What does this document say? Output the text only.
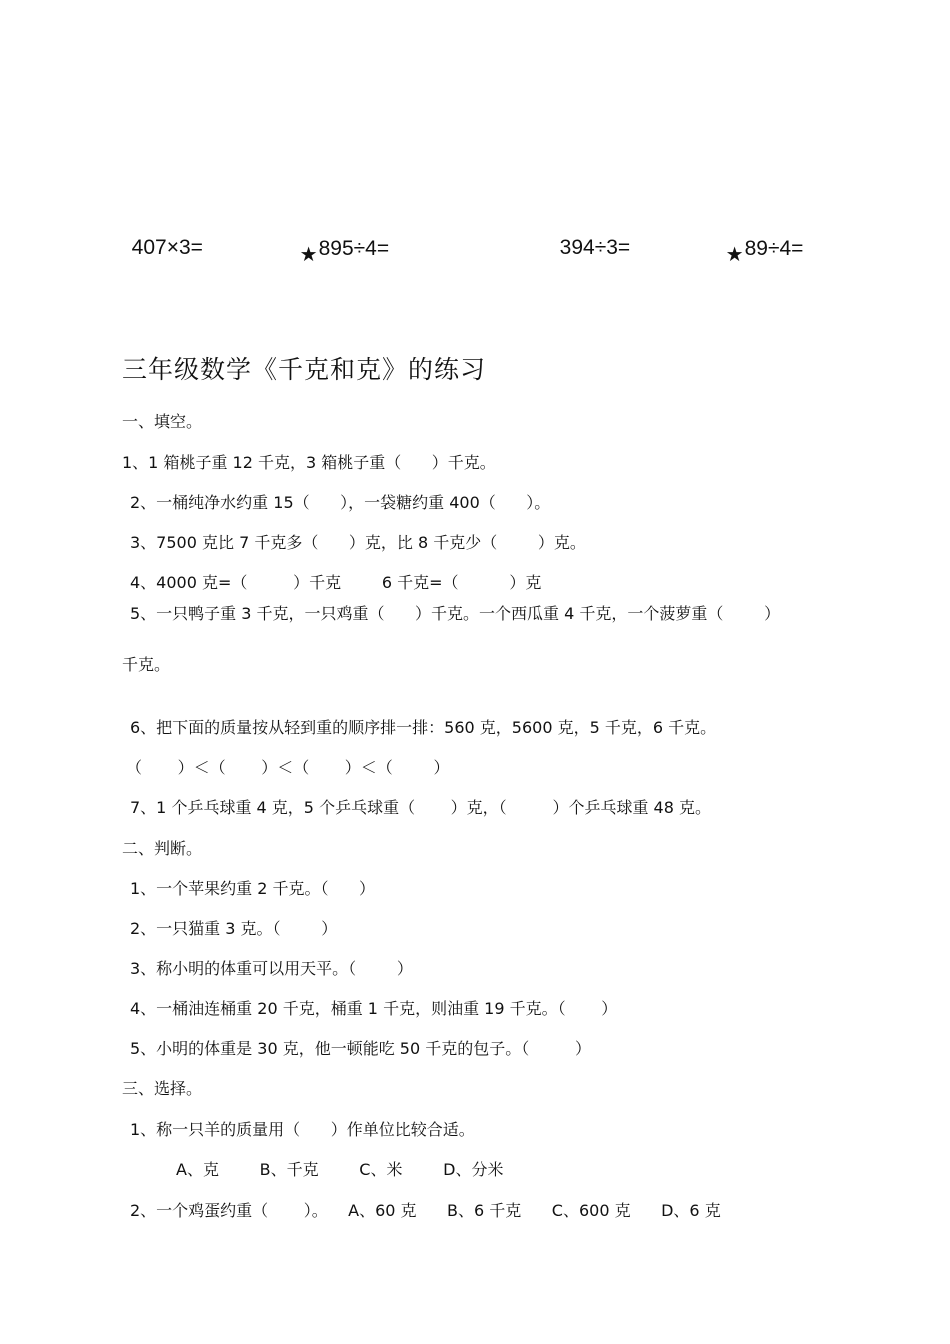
407×3=	★895÷4=	394÷3=	★89÷4=

三年级数学《千克和克》的练习
一、填空。
1、1 箱桃子重 12 千克，3 箱桃子重（      ）千克。
2、一桶纯净水约重 15（      ），一袋糖约重 400（      ）。
3、7500 克比 7 千克多（      ）克，比 8 千克少（        ）克。
4、4000 克=（         ）千克        6 千克=（          ）克
5、一只鸭子重 3 千克，一只鸡重（      ）千克。一个西瓜重 4 千克，一个菠萝重（        ）
千克。
6、把下面的质量按从轻到重的顺序排一排：560 克，5600 克，5 千克，6 千克。
（       ）＜（       ）＜（       ）＜（        ）
7、1 个乒乓球重 4 克，5 个乒乓球重（       ）克，（         ）个乒乓球重 48 克。
二、判断。
1、一个苹果约重 2 千克。（      ）
2、一只猫重 3 克。（        ）
3、称小明的体重可以用天平。（        ）
4、一桶油连桶重 20 千克，桶重 1 千克，则油重 19 千克。（       ）
5、小明的体重是 30 克，他一顿能吃 50 千克的包子。（         ）
三、选择。
1、称一只羊的质量用（      ）作单位比较合适。
A、克        B、千克        C、米        D、分米
2、一个鸡蛋约重（       ）。    A、60 克      B、6 千克      C、600 克      D、6 克
